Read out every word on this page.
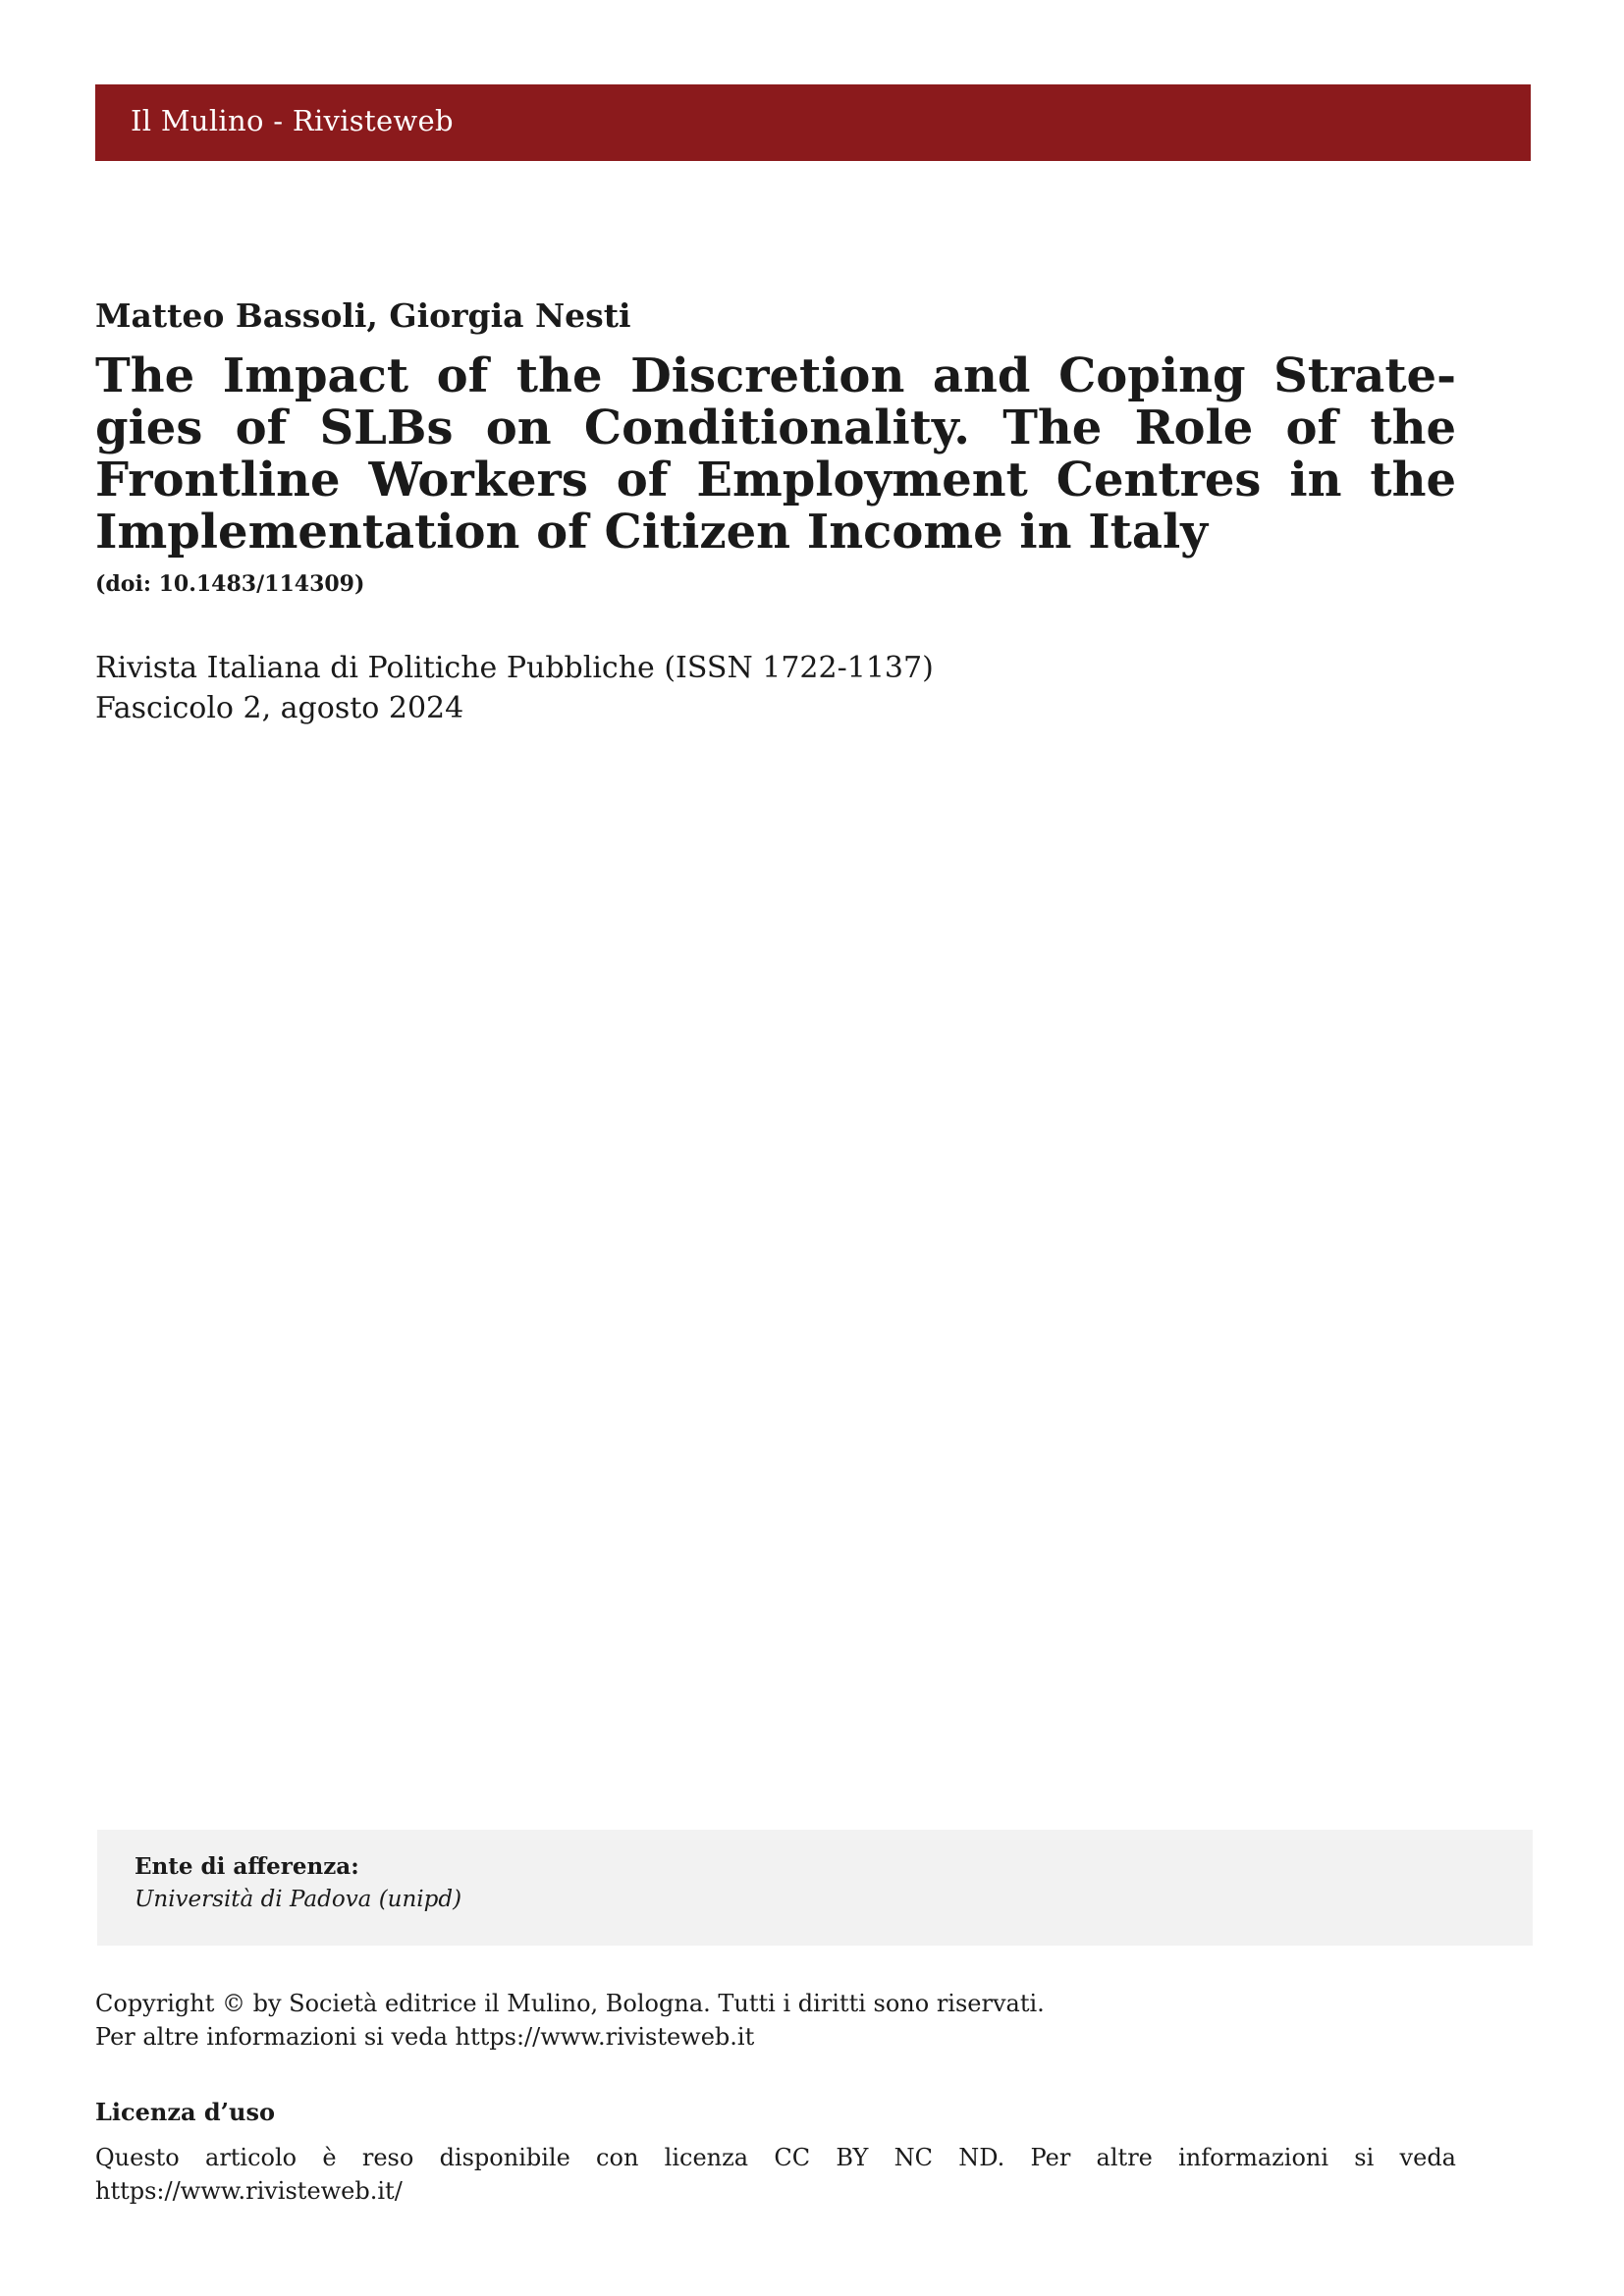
Il Mulino - Rivisteweb
Matteo Bassoli, Giorgia Nesti
The Impact of the Discretion and Coping Strate-
gies of SLBs on Conditionality. The Role of the
Frontline Workers of Employment Centres in the
Implementation of Citizen Income in Italy
(doi: 10.1483/114309)
Rivista Italiana di Politiche Pubbliche (ISSN 1722-1137)
Fascicolo 2, agosto 2024
Ente di afferenza:
Università di Padova (unipd)
Copyright © by Società editrice il Mulino, Bologna. Tutti i diritti sono riservati.
Per altre informazioni si veda https://www.rivisteweb.it
Licenza d’uso

Questo articolo è reso disponibile con licenza CC BY NC ND. Per altre informazioni si veda
https://www.rivisteweb.it/
